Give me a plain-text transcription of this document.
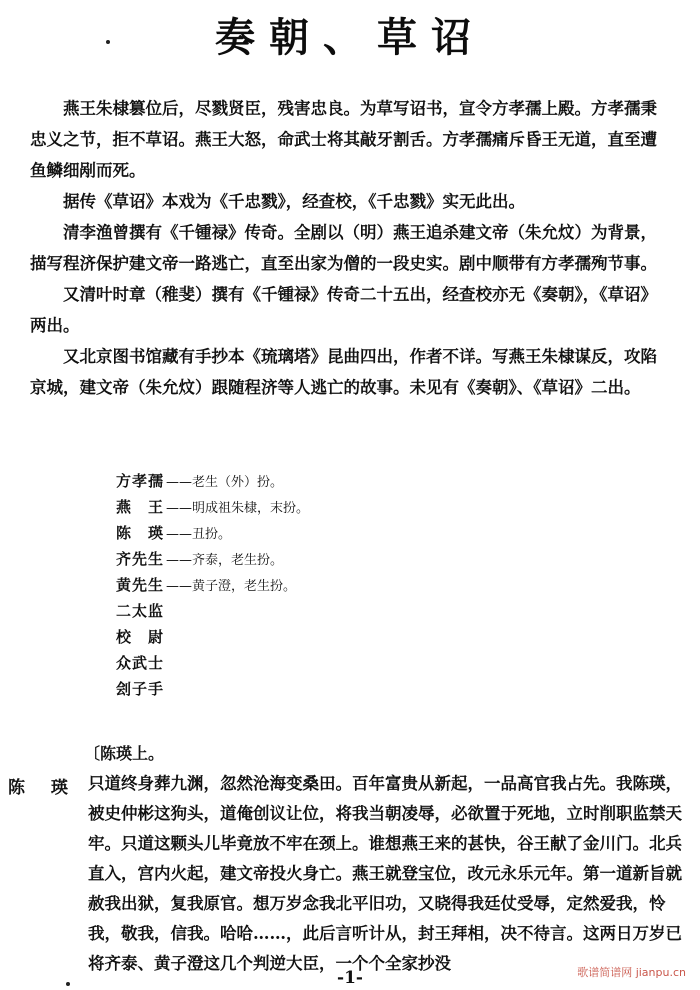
奏朝、草诏

燕王朱棣篡位后，尽戮贤臣，残害忠良。为草写诏书，宣令方孝孺上殿。方孝孺秉忠义之节，拒不草诏。燕王大怒，命武士将其敲牙割舌。方孝孺痛斥昏王无道，直至遭鱼鳞细剐而死。

据传《草诏》本戏为《千忠戮》，经查校，《千忠戮》实无此出。

清李渔曾撰有《千锺禄》传奇。全剧以（明）燕王追杀建文帝（朱允炆）为背景，描写程济保护建文帝一路逃亡，直至出家为僧的一段史实。剧中顺带有方孝孺殉节事。

又清叶时章（稚斐）撰有《千锺禄》传奇二十五出，经查校亦无《奏朝》，《草诏》两出。

又北京图书馆藏有手抄本《琉璃塔》昆曲四出，作者不详。写燕王朱棣谋反，攻陷京城，建文帝（朱允炆）跟随程济等人逃亡的故事。未见有《奏朝》、《草诏》二出。

方孝孺 ——老生（外）扮。
燕　王 ——明成祖朱棣，末扮。
陈　瑛 ——丑扮。
齐先生 ——齐泰，老生扮。
黄先生 ——黄子澄，老生扮。
二太监
校　尉
众武士
刽子手
〔陈瑛上。
陈 瑛 只道终身葬九渊，忽然沧海变桑田。百年富贵从新起，一品高官我占先。我陈瑛，被史仲彬这狗头，道俺创议让位，将我当朝凌辱，必欲置于死地，立时削职监禁天牢。只道这颗头儿毕竟放不牢在颈上。谁想燕王来的甚快，谷王献了金川门。北兵直入，宫内火起，建文帝投火身亡。燕王就登宝位，改元永乐元年。第一道新旨就赦我出狱，复我原官。想万岁念我北平旧功，又晓得我廷仗受辱，定然爱我，怜我，敬我，信我。哈哈……，此后言听计从，封王拜相，决不待言。这两日万岁已将齐泰、黄子澄这几个判逆大臣，一个个全家抄没
-1-	歌谱简谱网 jianpu.cn
